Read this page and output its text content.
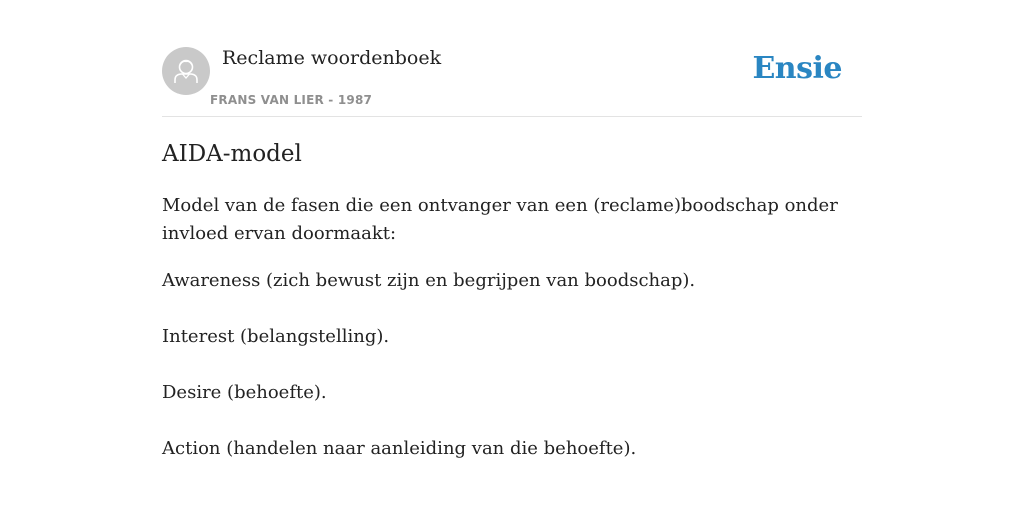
Reclame woordenboek
FRANS VAN LIER - 1987
Ensie
AIDA-model

Model van de fasen die een ontvanger van een (reclame)boodschap onder invloed ervan doormaakt:

Awareness (zich bewust zijn en begrijpen van boodschap).

Interest (belangstelling).

Desire (behoefte).

Action (handelen naar aanleiding van die behoefte).
